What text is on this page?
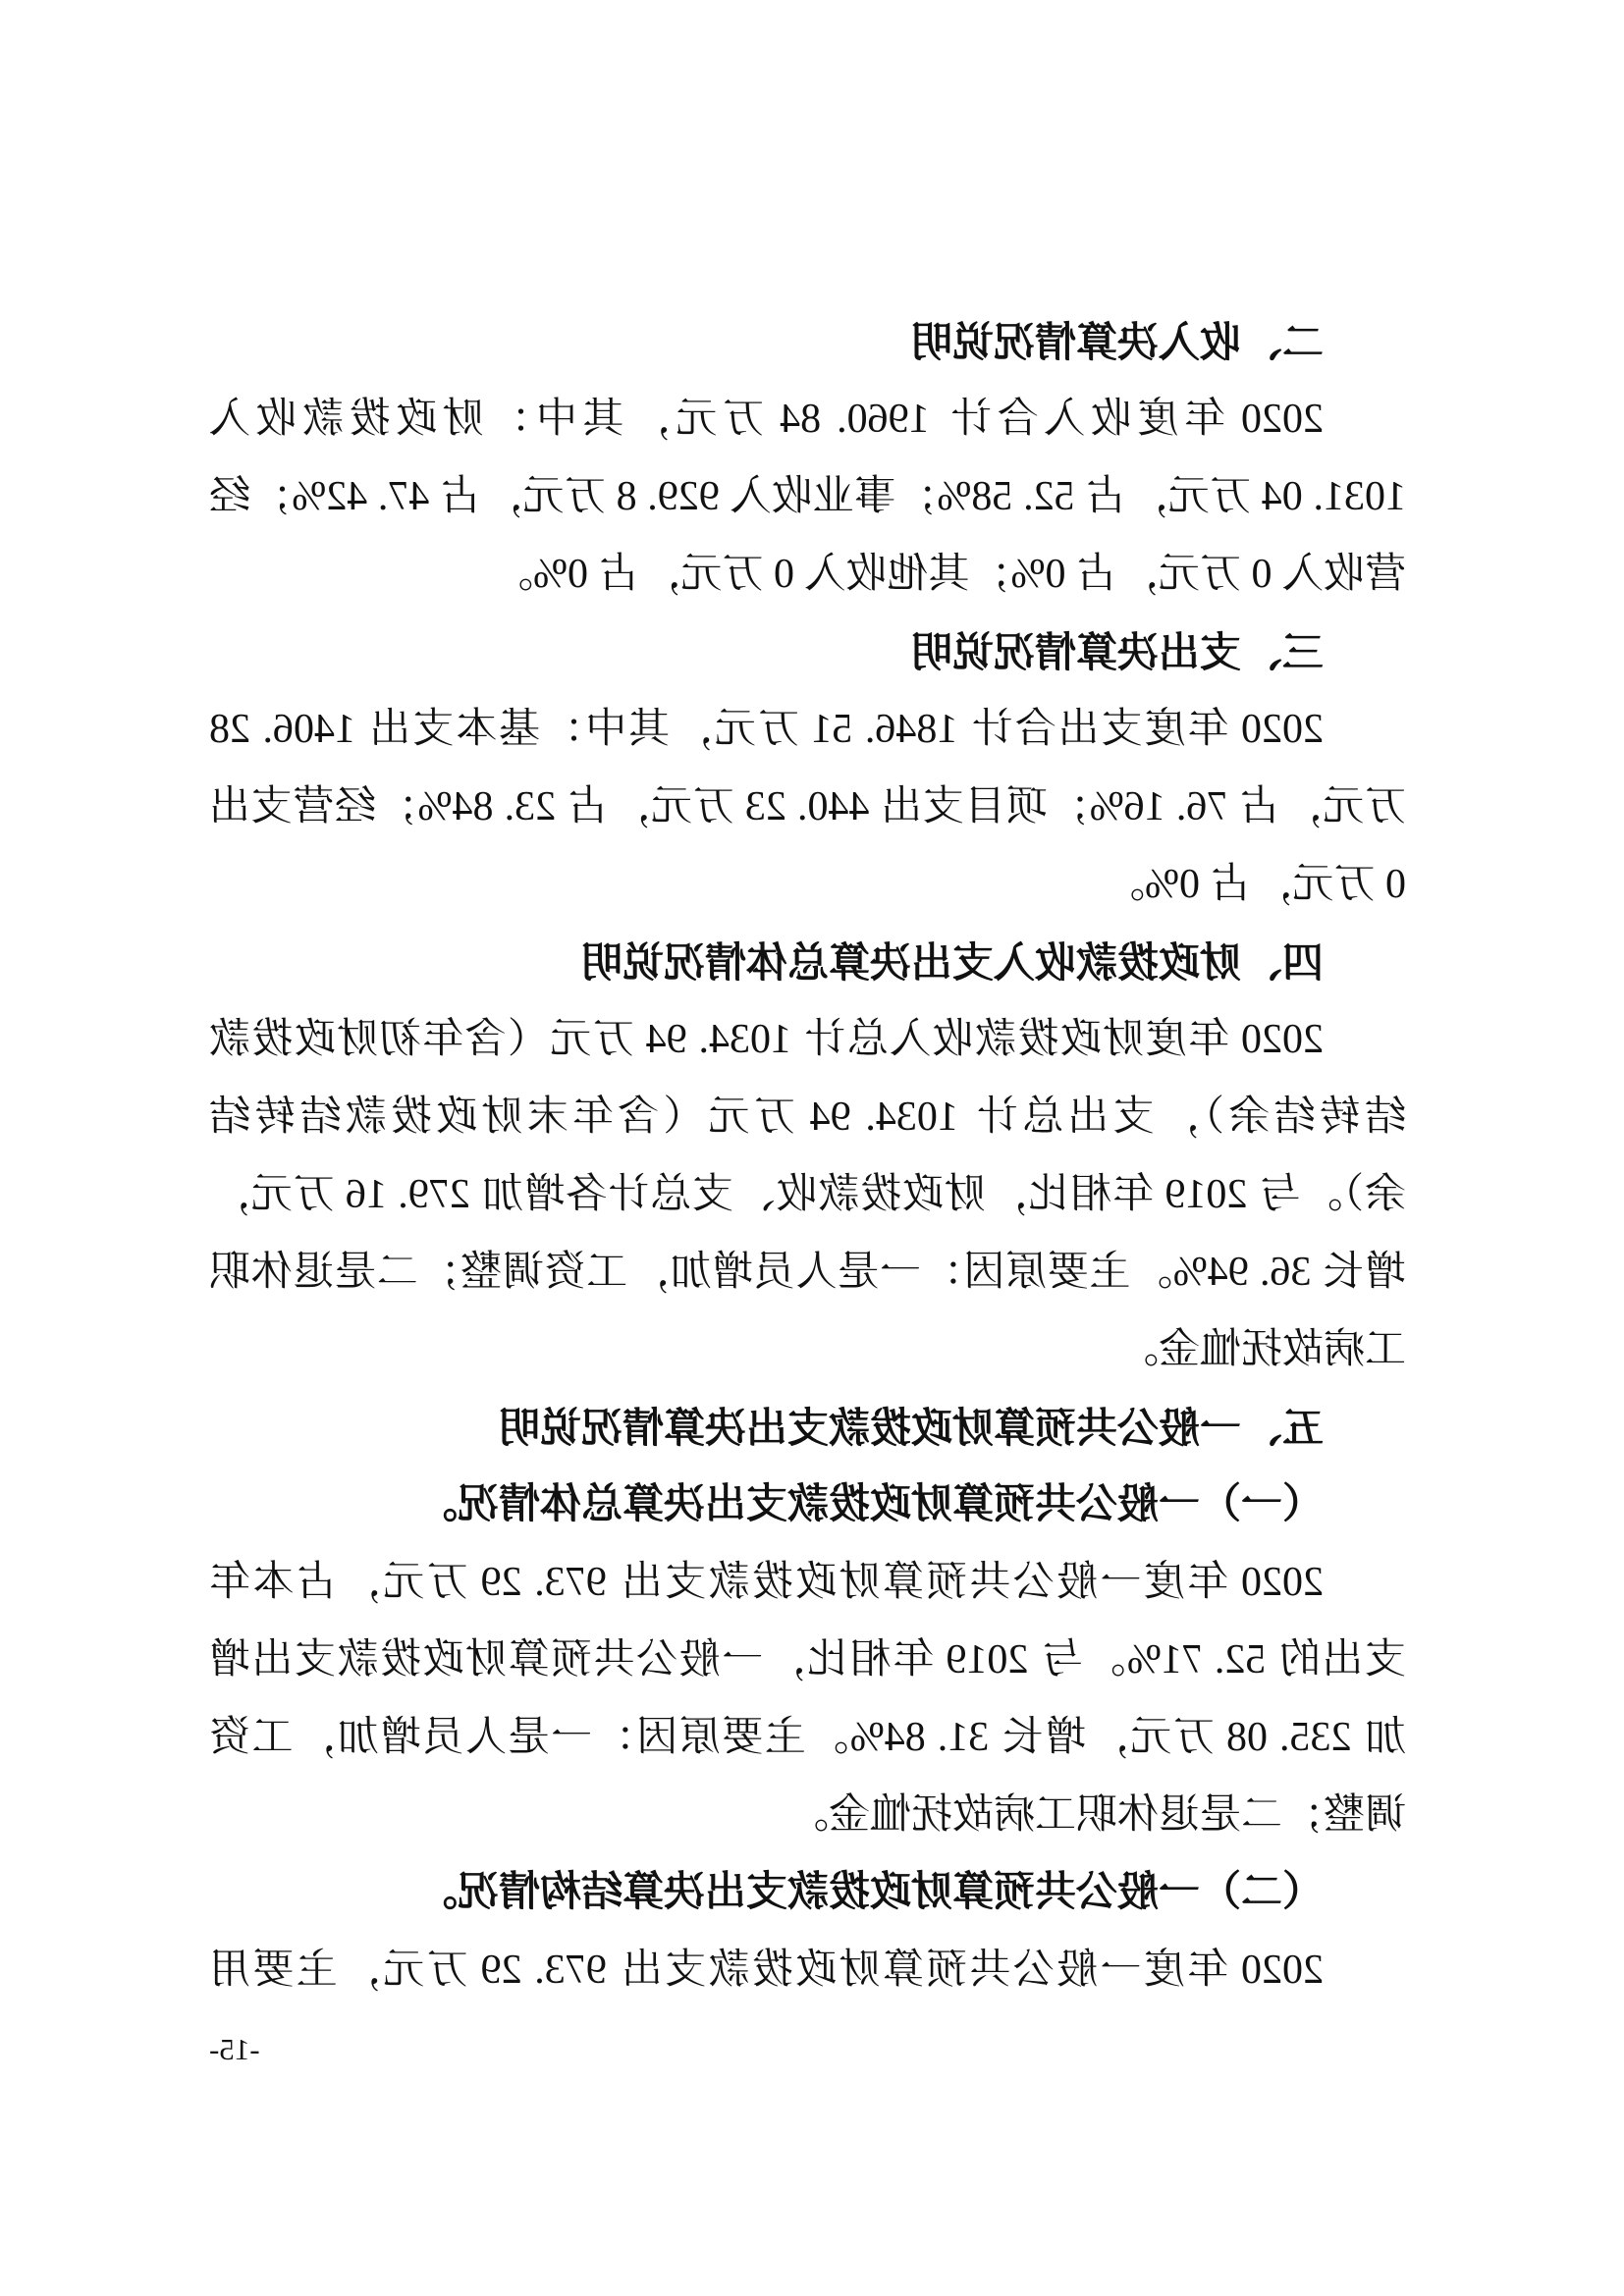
二、收入决算情况说明
2020 年度收入合计 1960. 84 万元，其中：财政拨款收入
1031. 04 万元，占 52. 58%；事业收入 929. 8 万元，占 47. 42%；经
营收入 0 万元，占 0%；其他收入 0 万元，占 0%。
三、支出决算情况说明
2020 年度支出合计 1846. 51 万元，其中：基本支出 1406. 28
万元，占 76. 16%；项目支出 440. 23 万元，占 23. 84%；经营支出
0 万元，占 0%。
四、财政拨款收入支出决算总体情况说明
2020 年度财政拨款收入总计 1034. 94 万元（含年初财政拨款
结转结余），支出总计 1034. 94 万元（含年末财政拨款结转结
余）。与 2019 年相比，财政拨款收、支总计各增加 279. 16 万元，
增长 36. 94%。主要原因：一是人员增加，工资调整；二是退休职
工病故抚恤金。
五、一般公共预算财政拨款支出决算情况说明
（一）一般公共预算财政拨款支出决算总体情况。
2020 年度一般公共预算财政拨款支出 973. 29 万元，占本年
支出的 52. 71%。与 2019 年相比，一般公共预算财政拨款支出增
加 235. 08 万元，增长 31. 84%。主要原因：一是人员增加，工资
调整；二是退休职工病故抚恤金。
（二）一般公共预算财政拨款支出决算结构情况。
2020 年度一般公共预算财政拨款支出 973. 29 万元，主要用
-15-
